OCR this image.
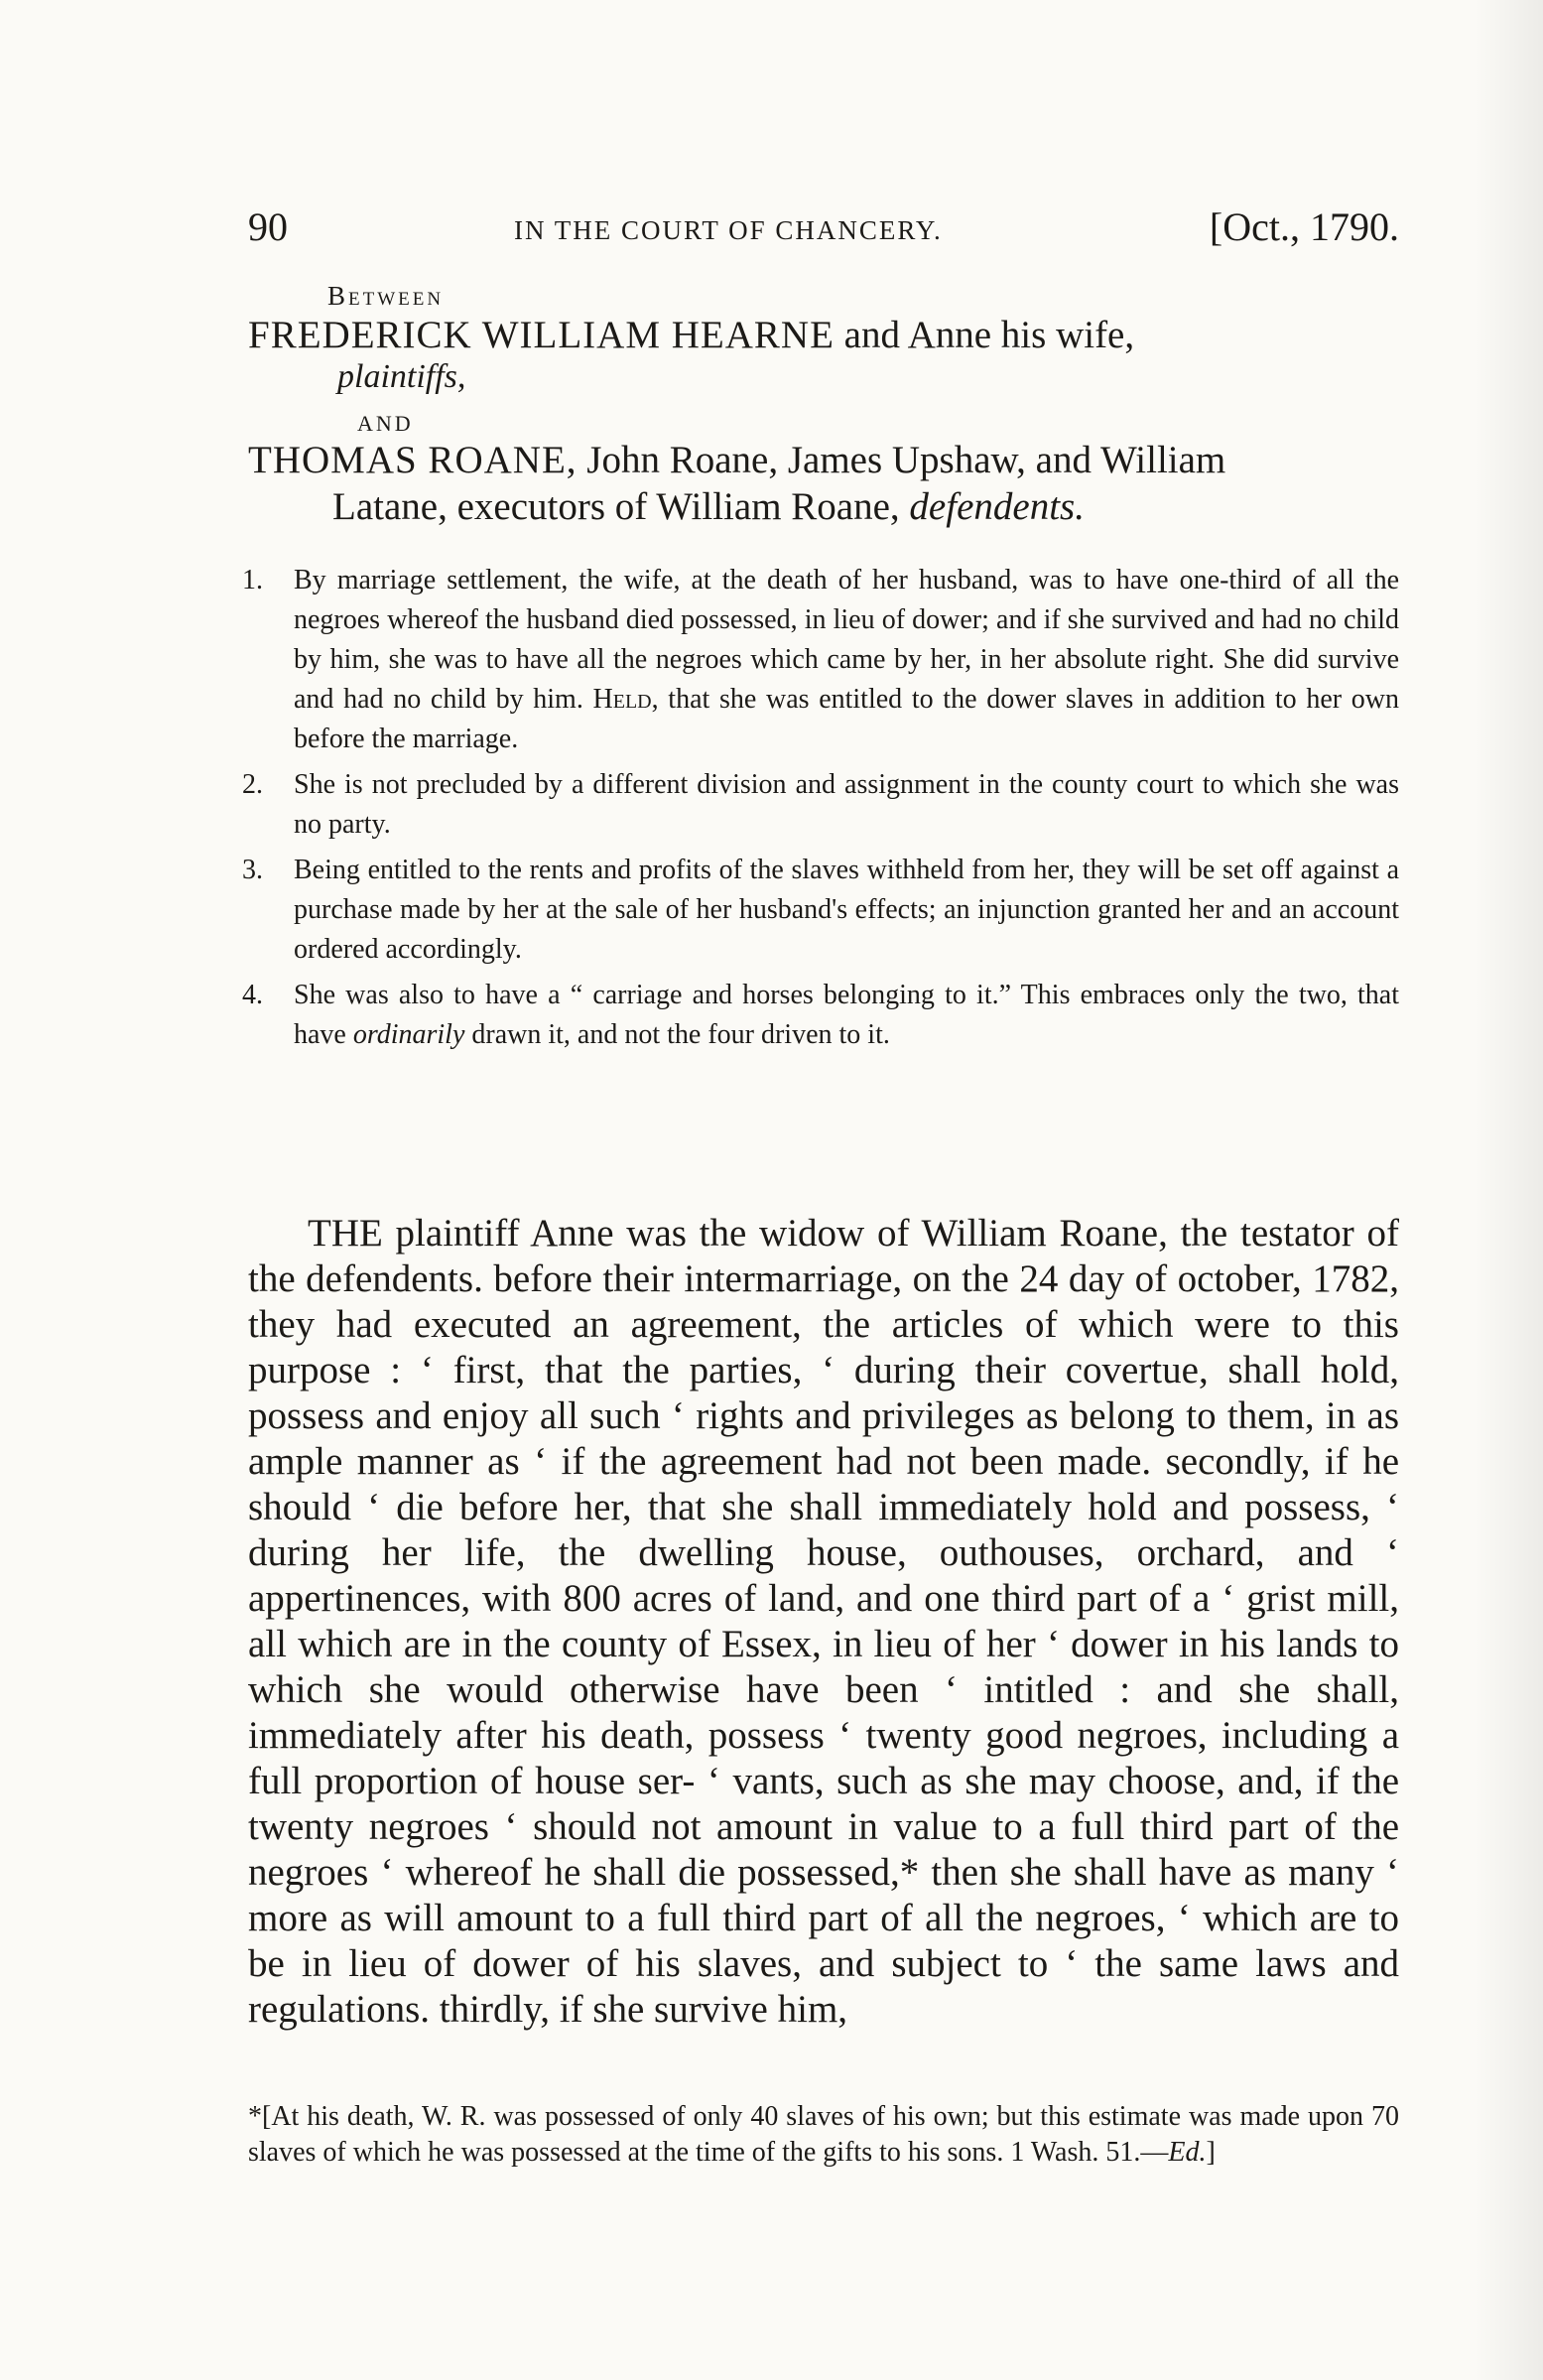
90	IN THE COURT OF CHANCERY.	[Oct., 1790.
Between
FREDERICK WILLIAM HEARNE and Anne his wife,
plaintiffs,
AND
THOMAS ROANE, John Roane, James Upshaw, and William
Latane, executors of William Roane, defendents.
1. By marriage settlement, the wife, at the death of her husband, was to have one-third of all the negroes whereof the husband died possessed, in lieu of dower; and if she survived and had no child by him, she was to have all the negroes which came by her, in her absolute right. She did survive and had no child by him. Held, that she was entitled to the dower slaves in addition to her own before the marriage.
2. She is not precluded by a different division and assignment in the county court to which she was no party.
3. Being entitled to the rents and profits of the slaves withheld from her, they will be set off against a purchase made by her at the sale of her husband's effects; an injunction granted her and an account ordered accordingly.
4. She was also to have a “ carriage and horses belonging to it.” This embraces only the two, that have ordinarily drawn it, and not the four driven to it.

THE plaintiff Anne was the widow of William Roane, the testator of the defendents. before their intermarriage, on the 24 day of october, 1782, they had executed an agreement, the articles of which were to this purpose : ‘ first, that the parties, ‘ during their covertue, shall hold, possess and enjoy all such ‘ rights and privileges as belong to them, in as ample manner as ‘ if the agreement had not been made. secondly, if he should ‘ die before her, that she shall immediately hold and possess, ‘ during her life, the dwelling house, outhouses, orchard, and ‘ appertinences, with 800 acres of land, and one third part of a ‘ grist mill, all which are in the county of Essex, in lieu of her ‘ dower in his lands to which she would otherwise have been ‘ intitled : and she shall, immediately after his death, possess ‘ twenty good negroes, including a full proportion of house ser- ‘ vants, such as she may choose, and, if the twenty negroes ‘ should not amount in value to a full third part of the negroes ‘ whereof he shall die possessed,* then she shall have as many ‘ more as will amount to a full third part of all the negroes, ‘ which are to be in lieu of dower of his slaves, and subject to ‘ the same laws and regulations. thirdly, if she survive him,

*[At his death, W. R. was possessed of only 40 slaves of his own; but this estimate was made upon 70 slaves of which he was possessed at the time of the gifts to his sons. 1 Wash. 51.—Ed.]
